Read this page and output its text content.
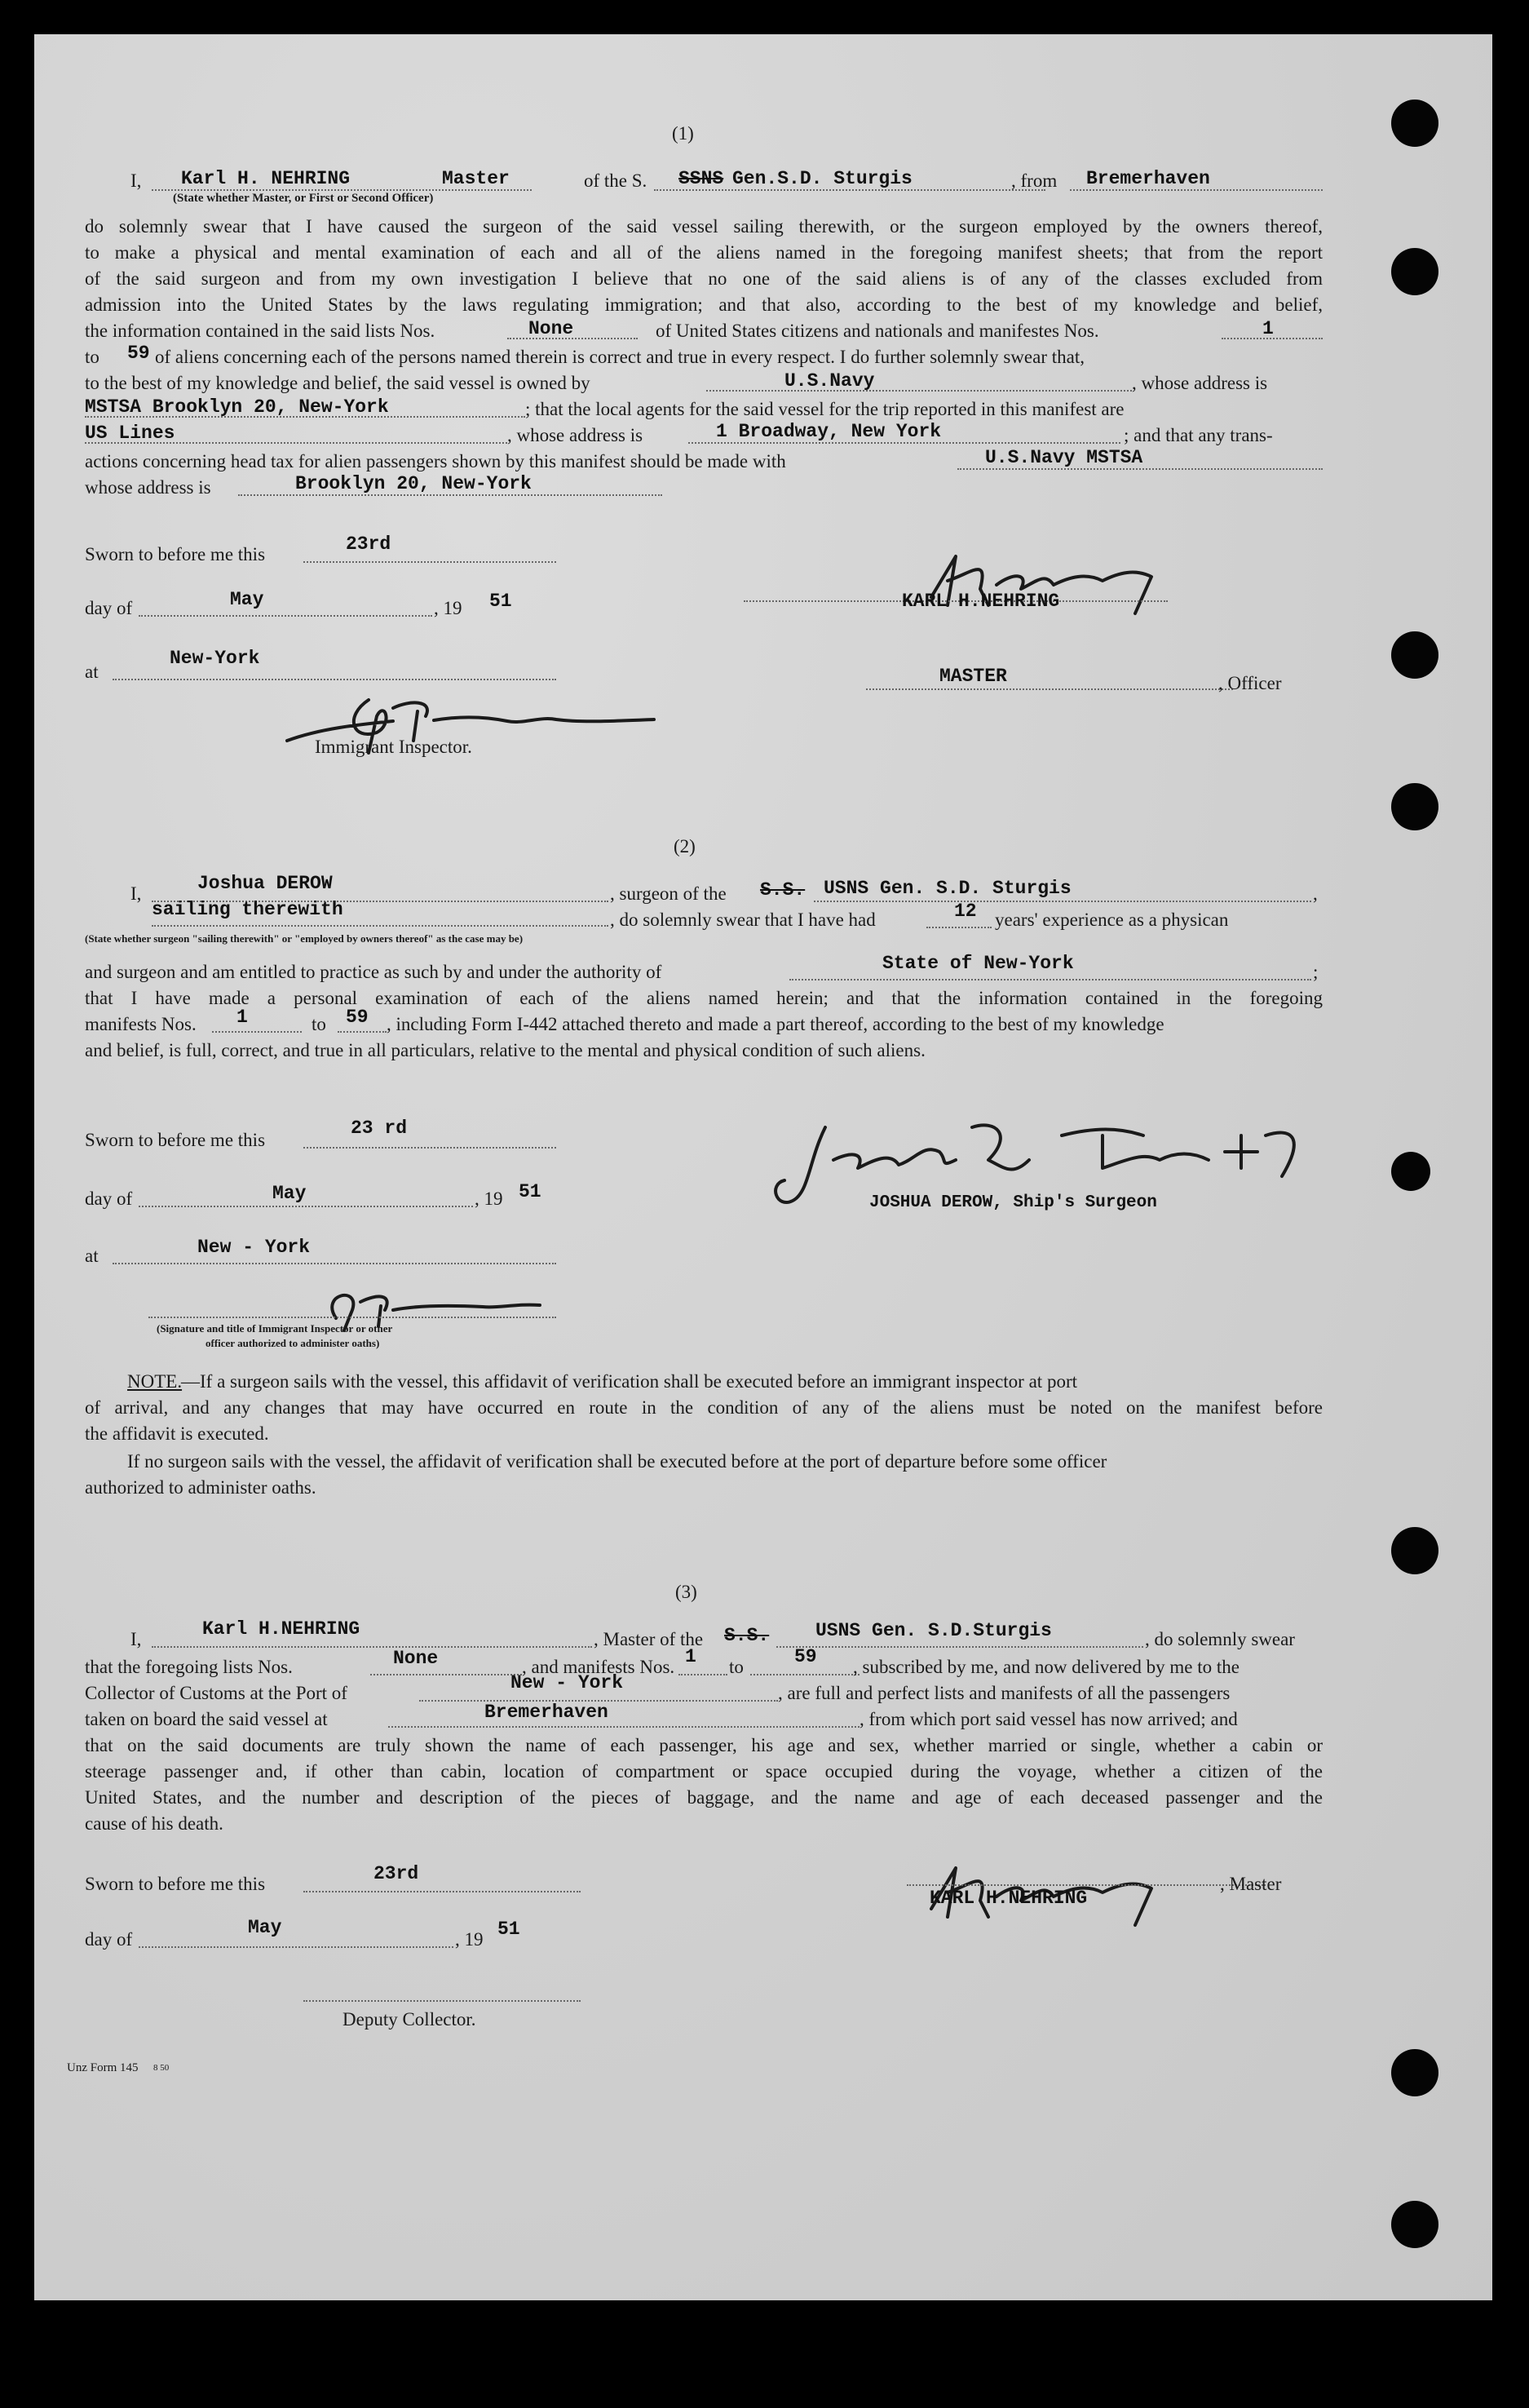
(1)
I, Karl H. NEHRING	Master
(State whether Master, or First or Second Officer)
of the S. SSNS Gen.S.D. Sturgis	, from Bremerhaven
do solemnly swear that I have caused the surgeon of the said vessel sailing therewith, or the surgeon employed by the owners thereof,
to make a physical and mental examination of each and all of the aliens named in the foregoing manifest sheets; that from the report
of the said surgeon and from my own investigation I believe that no one of the said aliens is of any of the classes excluded from
admission into the United States by the laws regulating immigration; and that also, according to the best of my knowledge and belief,
the information contained in the said lists Nos.	None	of United States citizens and nationals and manifestes Nos.	1
to 59 of aliens concerning each of the persons named therein is correct and true in every respect. I do further solemnly swear that,
to the best of my knowledge and belief, the said vessel is owned by	U.S.Navy	, whose address is
MSTSA Brooklyn 20, New-York	; that the local agents for the said vessel for the trip reported in this manifest are
US Lines	, whose address is	1 Broadway, New York	; and that any trans-
actions concerning head tax for alien passengers shown by this manifest should be made with	U.S.Navy MSTSA
whose address is	Brooklyn 20, New-York
Sworn to before me this	23rd
day of	May	, 19 51
at
New-York
Immigrant Inspector.
KARL H.NEHRING
MASTER	, Officer
(2)
I,	Joshua DEROW	, surgeon of the S.S. USNS Gen. S.D. Sturgis	,
sailing therewith	, do solemnly swear that I have had	12 years' experience as a physican
(State whether surgeon "sailing therewith" or "employed by owners thereof" as the case may be)
and surgeon and am entitled to practice as such by and under the authority of	State of New-York	;
that I have made a personal examination of each of the aliens named herein; and that the information contained in the foregoing
manifests Nos. 1	to 59 , including Form I-442 attached thereto and made a part thereof, according to the best of my knowledge
and belief, is full, correct, and true in all particulars, relative to the mental and physical condition of such aliens.
Sworn to before me this
23 rd
day of	May	, 19 51
at	New - York
(Signature and title of Immigrant Inspector or other
officer authorized to administer oaths)
JOSHUA DEROW, Ship's Surgeon
NOTE.
—If a surgeon sails with the vessel, this affidavit of verification shall be executed before an immigrant inspector at port
of arrival, and any changes that may have occurred en route in the condition of any of the aliens must be noted on the manifest before
the affidavit is executed.
If no surgeon sails with the vessel, the affidavit of verification shall be executed before at the port of departure before some officer
authorized to administer oaths.
(3)
I,	Karl H.NEHRING	, Master of the S.S. USNS Gen. S.D.Sturgis	, do solemnly swear
that the foregoing lists Nos.	None	, and manifests Nos. 1 to	59 , subscribed by me, and now delivered by me to the
Collector of Customs at the Port of	New - York	, are full and perfect lists and manifests of all the passengers
taken on board the said vessel at	Bremerhaven	, from which port said vessel has now arrived; and
that on the said documents are truly shown the name of each passenger, his age and sex, whether married or single, whether a cabin or
steerage passenger and, if other than cabin, location of compartment or space occupied during the voyage, whether a citizen of the
United States, and the number and description of the pieces of baggage, and the name and age of each deceased passenger and the
cause of his death.
Sworn to before me this	23rd
day of
May
, 19 51
Deputy Collector.
KARL H.NEHRING
, Master
Unz Form 145 8 50
